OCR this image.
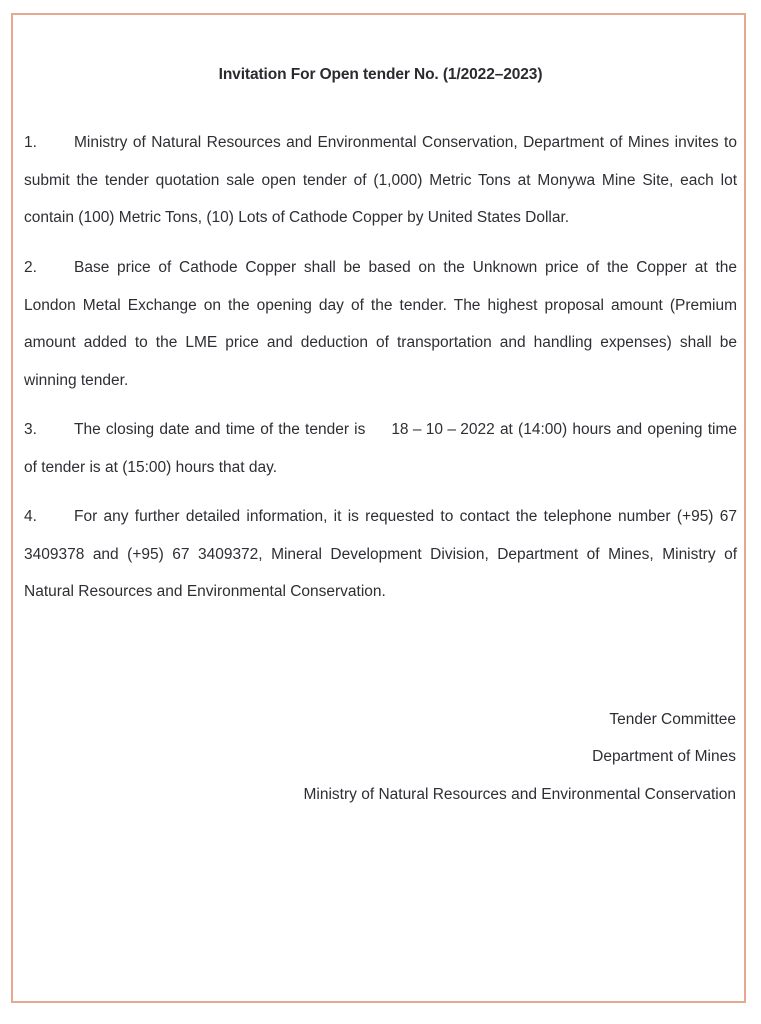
Invitation For Open tender No. (1/2022–2023)
1. Ministry of Natural Resources and Environmental Conservation, Department of Mines invites to submit the tender quotation sale open tender of (1,000) Metric Tons at Monywa Mine Site, each lot contain (100) Metric Tons, (10) Lots of Cathode Copper by United States Dollar.
2. Base price of Cathode Copper shall be based on the Unknown price of the Copper at the London Metal Exchange on the opening day of the tender. The highest proposal amount (Premium amount added to the LME price and deduction of transportation and handling expenses) shall be winning tender.
3. The closing date and time of the tender is 18 – 10 – 2022 at (14:00) hours and opening time of tender is at (15:00) hours that day.
4. For any further detailed information, it is requested to contact the telephone number (+95) 67 3409378 and (+95) 67 3409372, Mineral Development Division, Department of Mines, Ministry of Natural Resources and Environmental Conservation.
Tender Committee
Department of Mines
Ministry of Natural Resources and Environmental Conservation
